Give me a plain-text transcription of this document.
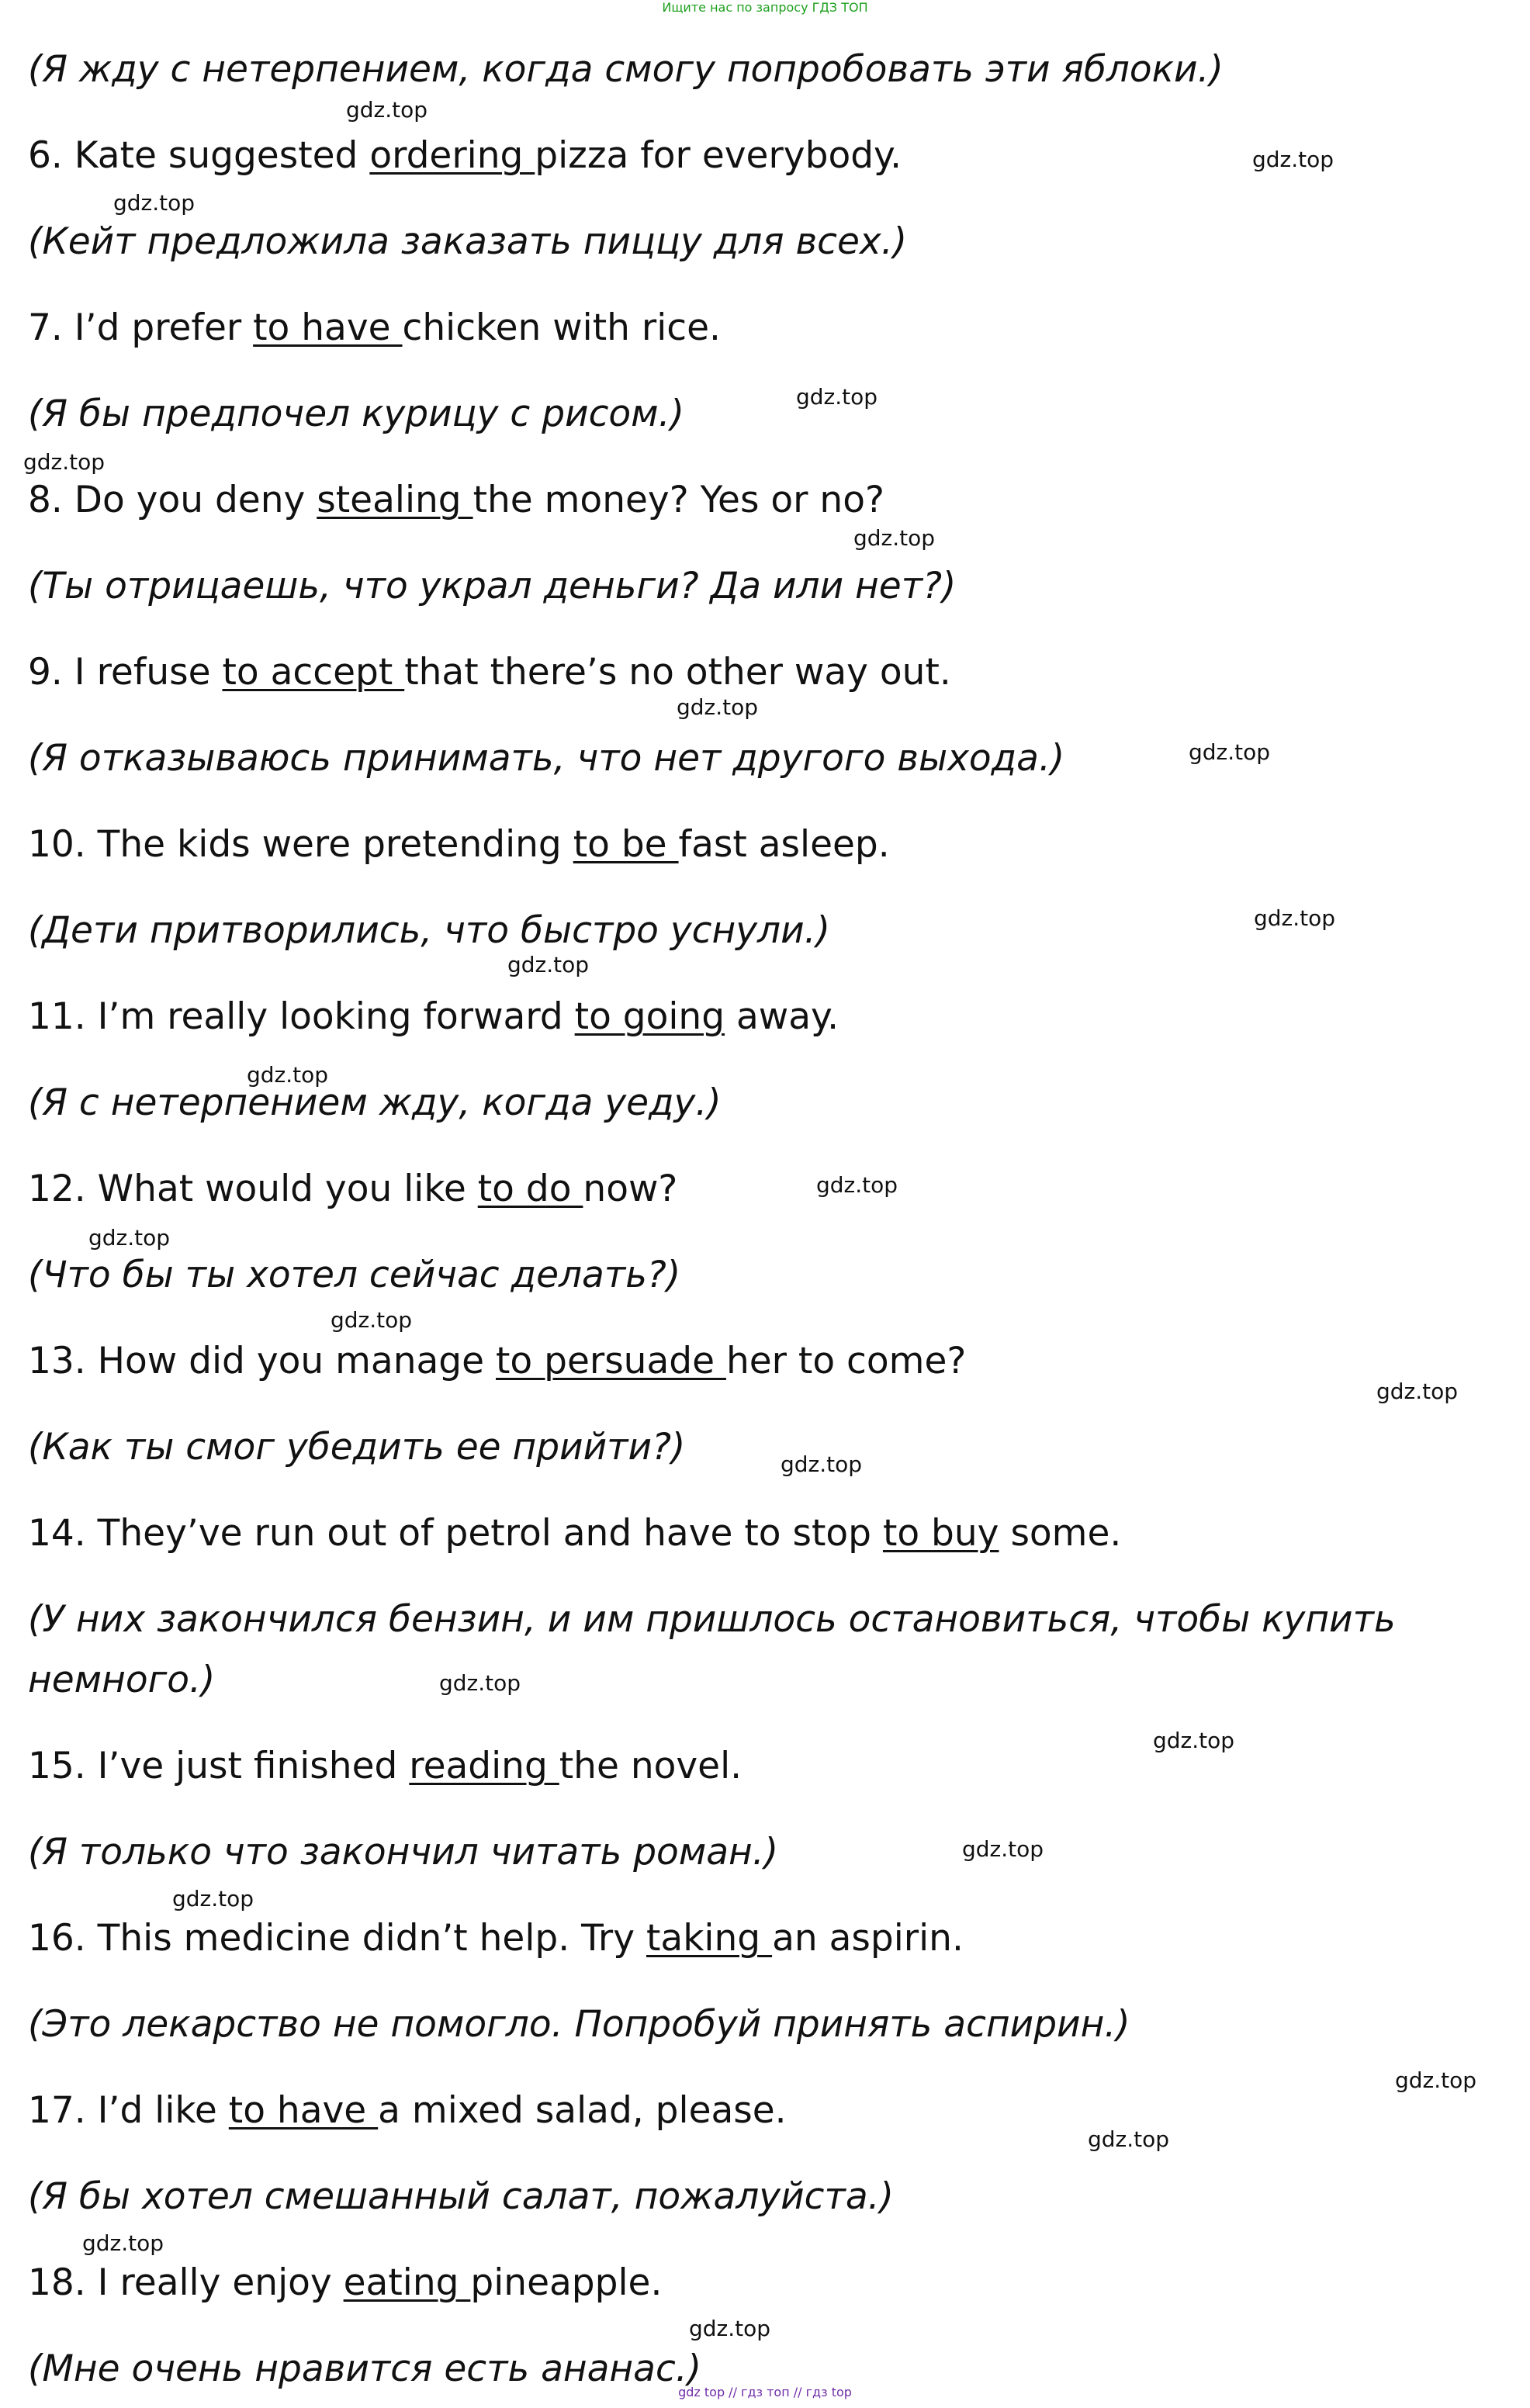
Ищите нас по запросу ГДЗ ТОП
(Я жду с нетерпением, когда смогу попробовать эти яблоки.)
6. Kate suggested ordering pizza for everybody.
(Кейт предложила заказать пиццу для всех.)
7. I’d prefer to have chicken with rice.
(Я бы предпочел курицу с рисом.)
8. Do you deny stealing the money? Yes or no?
(Ты отрицаешь, что украл деньги? Да или нет?)
9. I refuse to accept that there’s no other way out.
(Я отказываюсь принимать, что нет другого выхода.)
10. The kids were pretending to be fast asleep.
(Дети притворились, что быстро уснули.)
11. I’m really looking forward to going away.
(Я с нетерпением жду, когда уеду.)
12. What would you like to do now?
(Что бы ты хотел сейчас делать?)
13. How did you manage to persuade her to come?
(Как ты смог убедить ее прийти?)
14. They’ve run out of petrol and have to stop to buy some.
(У них закончился бензин, и им пришлось остановиться, чтобы купить
немного.)
15. I’ve just finished reading the novel.
(Я только что закончил читать роман.)
16. This medicine didn’t help. Try taking an aspirin.
(Это лекарство не помогло. Попробуй принять аспирин.)
17. I’d like to have a mixed salad, please.
(Я бы хотел смешанный салат, пожалуйста.)
18. I really enjoy eating pineapple.
(Мне очень нравится есть ананас.)
gdz.top
gdz.top
gdz.top
gdz.top
gdz.top
gdz.top
gdz.top
gdz.top
gdz.top
gdz.top
gdz.top
gdz.top
gdz.top
gdz.top
gdz.top
gdz.top
gdz.top
gdz.top
gdz.top
gdz.top
gdz.top
gdz.top
gdz.top
gdz.top
gdz top // гдз топ // гдз top
